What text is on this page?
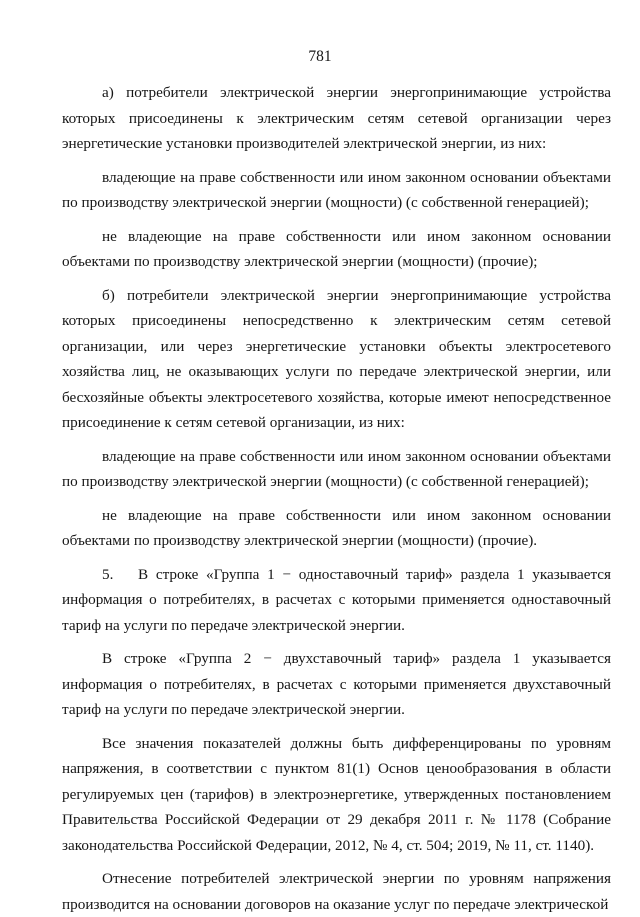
781

а) потребители электрической энергии энергопринимающие устройства которых присоединены к электрическим сетям сетевой организации через энергетические установки производителей электрической энергии, из них:

владеющие на праве собственности или ином законном основании объектами по производству электрической энергии (мощности) (с собственной генерацией);

не владеющие на праве собственности или ином законном основании объектами по производству электрической энергии (мощности) (прочие);

б) потребители электрической энергии энергопринимающие устройства которых присоединены непосредственно к электрическим сетям сетевой организации, или через энергетические установки объекты электросетевого хозяйства лиц, не оказывающих услуги по передаче электрической энергии, или бесхозяйные объекты электросетевого хозяйства, которые имеют непосредственное присоединение к сетям сетевой организации, из них:

владеющие на праве собственности или ином законном основании объектами по производству электрической энергии (мощности) (с собственной генерацией);

не владеющие на праве собственности или ином законном основании объектами по производству электрической энергии (мощности) (прочие).

5. В строке «Группа 1 − одноставочный тариф» раздела 1 указывается информация о потребителях, в расчетах с которыми применяется одноставочный тариф на услуги по передаче электрической энергии.

В строке «Группа 2 − двухставочный тариф» раздела 1 указывается информация о потребителях, в расчетах с которыми применяется двухставочный тариф на услуги по передаче электрической энергии.

Все значения показателей должны быть дифференцированы по уровням напряжения, в соответствии с пунктом 81(1) Основ ценообразования в области регулируемых цен (тарифов) в электроэнергетике, утвержденных постановлением Правительства Российской Федерации от 29 декабря 2011 г. № 1178 (Собрание законодательства Российской Федерации, 2012, № 4, ст. 504; 2019, № 11, ст. 1140).

Отнесение потребителей электрической энергии по уровням напряжения производится на основании договоров на оказание услуг по передаче электрической
